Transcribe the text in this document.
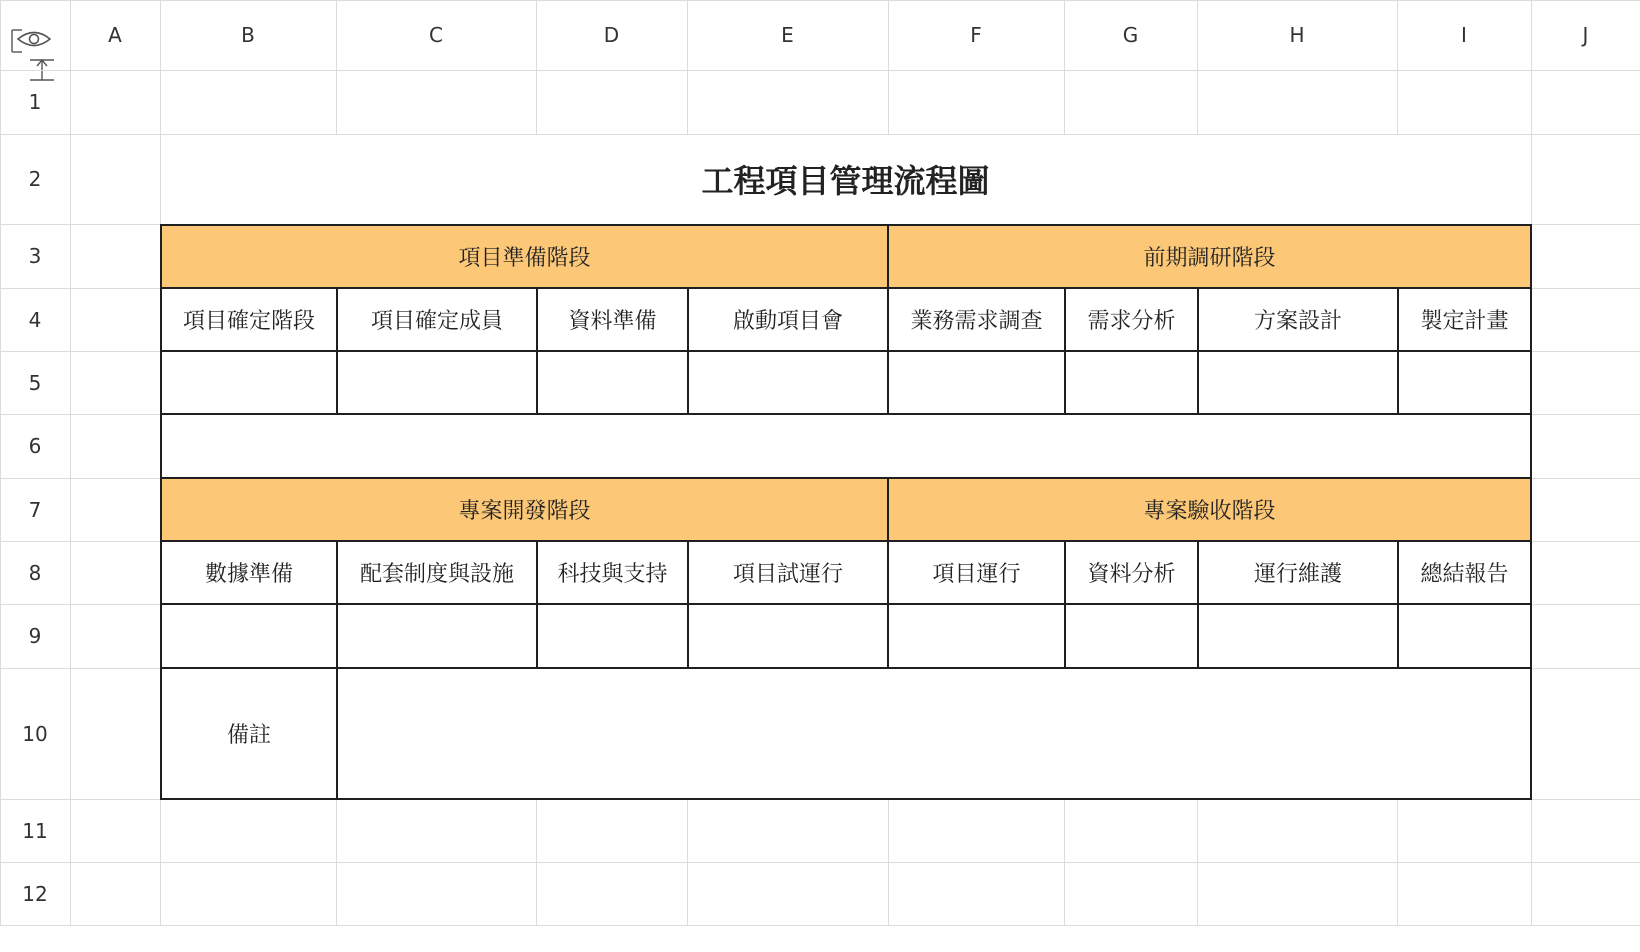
A	B	C	D	E	F	G	H	I	J
1
2
3
4
5
6
7
8
9
10
11
12
工程項目管理流程圖
項目準備階段	前期調研階段
項目確定階段	項目確定成員	資料準備	啟動項目會	業務需求調查	需求分析	方案設計	製定計畫
專案開發階段	專案驗收階段
數據準備	配套制度與設施	科技與支持	項目試運行	項目運行	資料分析	運行維護	總結報告
備註
